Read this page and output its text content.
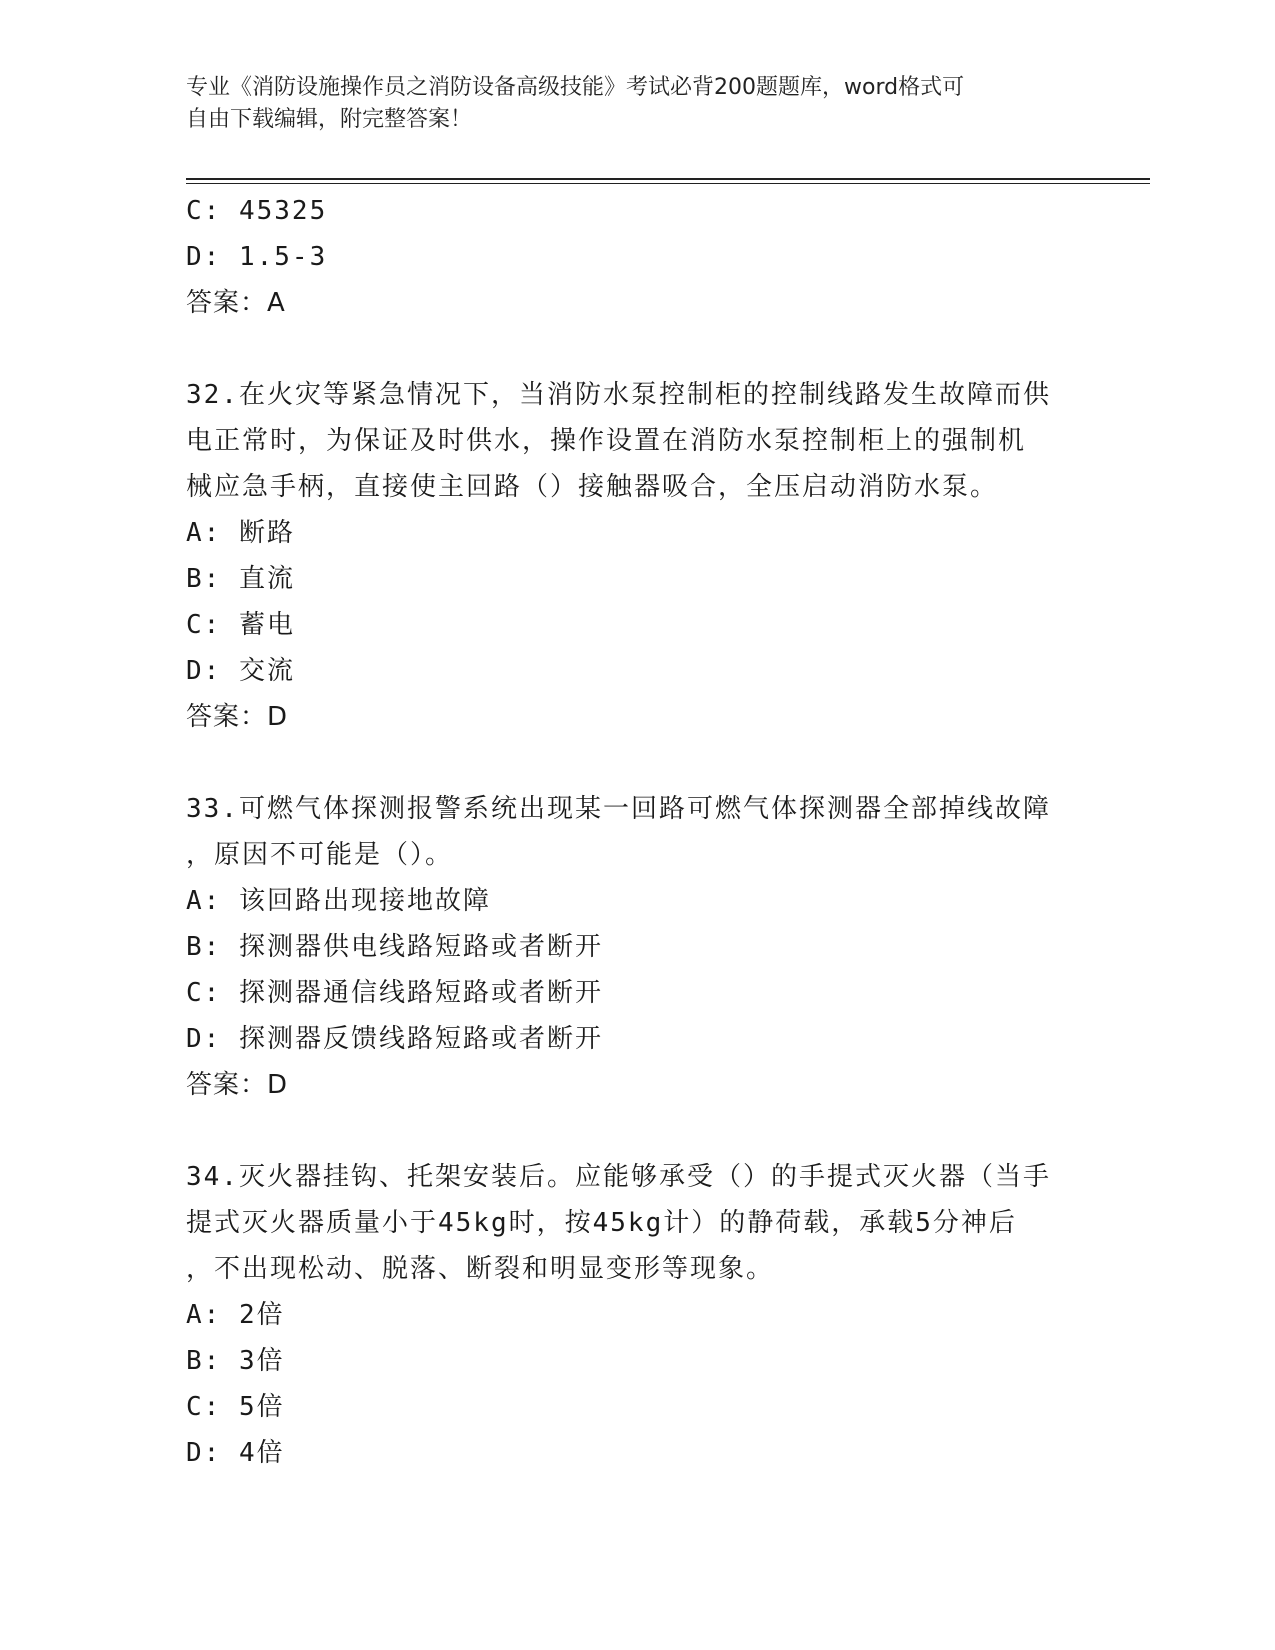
专业《消防设施操作员之消防设备高级技能》考试必背200题题库，word格式可
自由下载编辑，附完整答案！
C: 45325
D: 1.5-3
答案：A
32.在火灾等紧急情况下，当消防水泵控制柜的控制线路发生故障而供
电正常时，为保证及时供水，操作设置在消防水泵控制柜上的强制机
械应急手柄，直接使主回路（）接触器吸合，全压启动消防水泵。
A: 断路
B: 直流
C: 蓄电
D: 交流
答案：D
33.可燃气体探测报警系统出现某一回路可燃气体探测器全部掉线故障
，原因不可能是（）。
A: 该回路出现接地故障
B: 探测器供电线路短路或者断开
C: 探测器通信线路短路或者断开
D: 探测器反馈线路短路或者断开
答案：D
34.灭火器挂钩、托架安装后。应能够承受（）的手提式灭火器（当手
提式灭火器质量小于45kg时，按45kg计）的静荷载，承载5分神后
，不出现松动、脱落、断裂和明显变形等现象。
A: 2倍
B: 3倍
C: 5倍
D: 4倍
